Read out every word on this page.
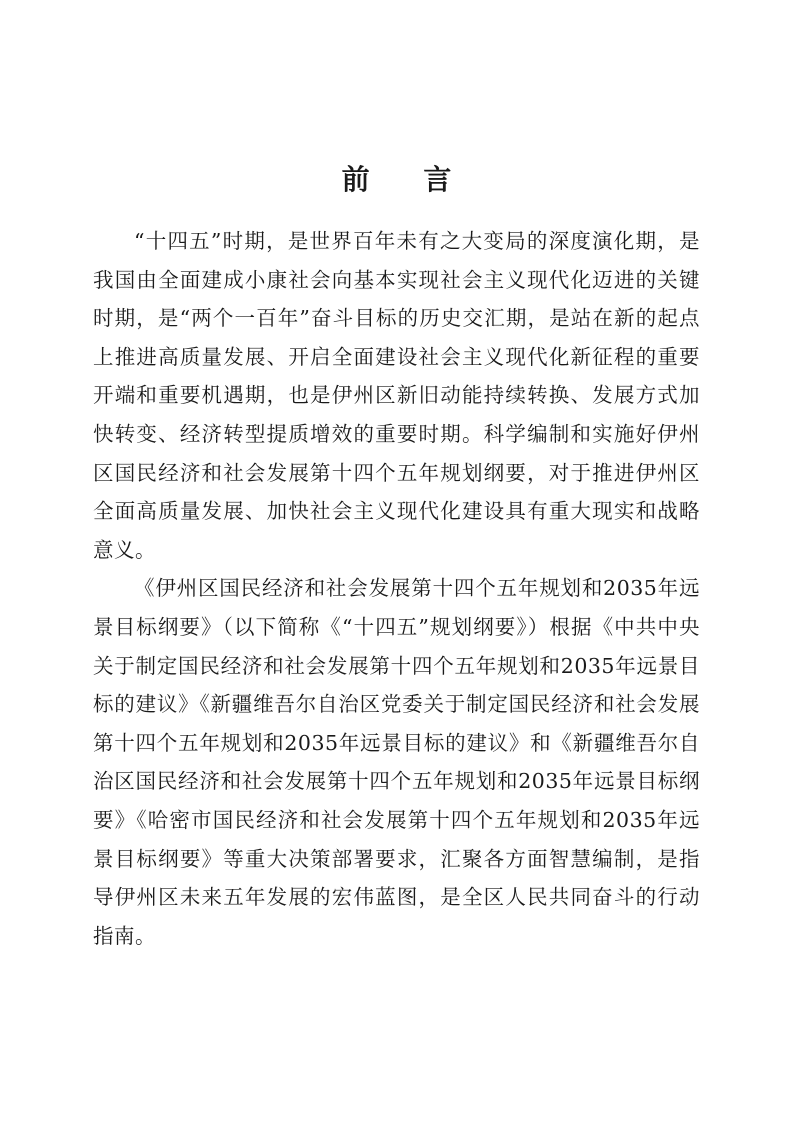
前 言

“十四五”时期，是世界百年未有之大变局的深度演化期，是我国由全面建成小康社会向基本实现社会主义现代化迈进的关键时期，是“两个一百年”奋斗目标的历史交汇期，是站在新的起点上推进高质量发展、开启全面建设社会主义现代化新征程的重要开端和重要机遇期，也是伊州区新旧动能持续转换、发展方式加快转变、经济转型提质增效的重要时期。科学编制和实施好伊州区国民经济和社会发展第十四个五年规划纲要，对于推进伊州区全面高质量发展、加快社会主义现代化建设具有重大现实和战略意义。

《伊州区国民经济和社会发展第十四个五年规划和2035年远景目标纲要》（以下简称《“十四五”规划纲要》）根据《中共中央关于制定国民经济和社会发展第十四个五年规划和2035年远景目标的建议》《新疆维吾尔自治区党委关于制定国民经济和社会发展第十四个五年规划和2035年远景目标的建议》和《新疆维吾尔自治区国民经济和社会发展第十四个五年规划和2035年远景目标纲要》《哈密市国民经济和社会发展第十四个五年规划和2035年远景目标纲要》等重大决策部署要求，汇聚各方面智慧编制，是指导伊州区未来五年发展的宏伟蓝图，是全区人民共同奋斗的行动指南。
